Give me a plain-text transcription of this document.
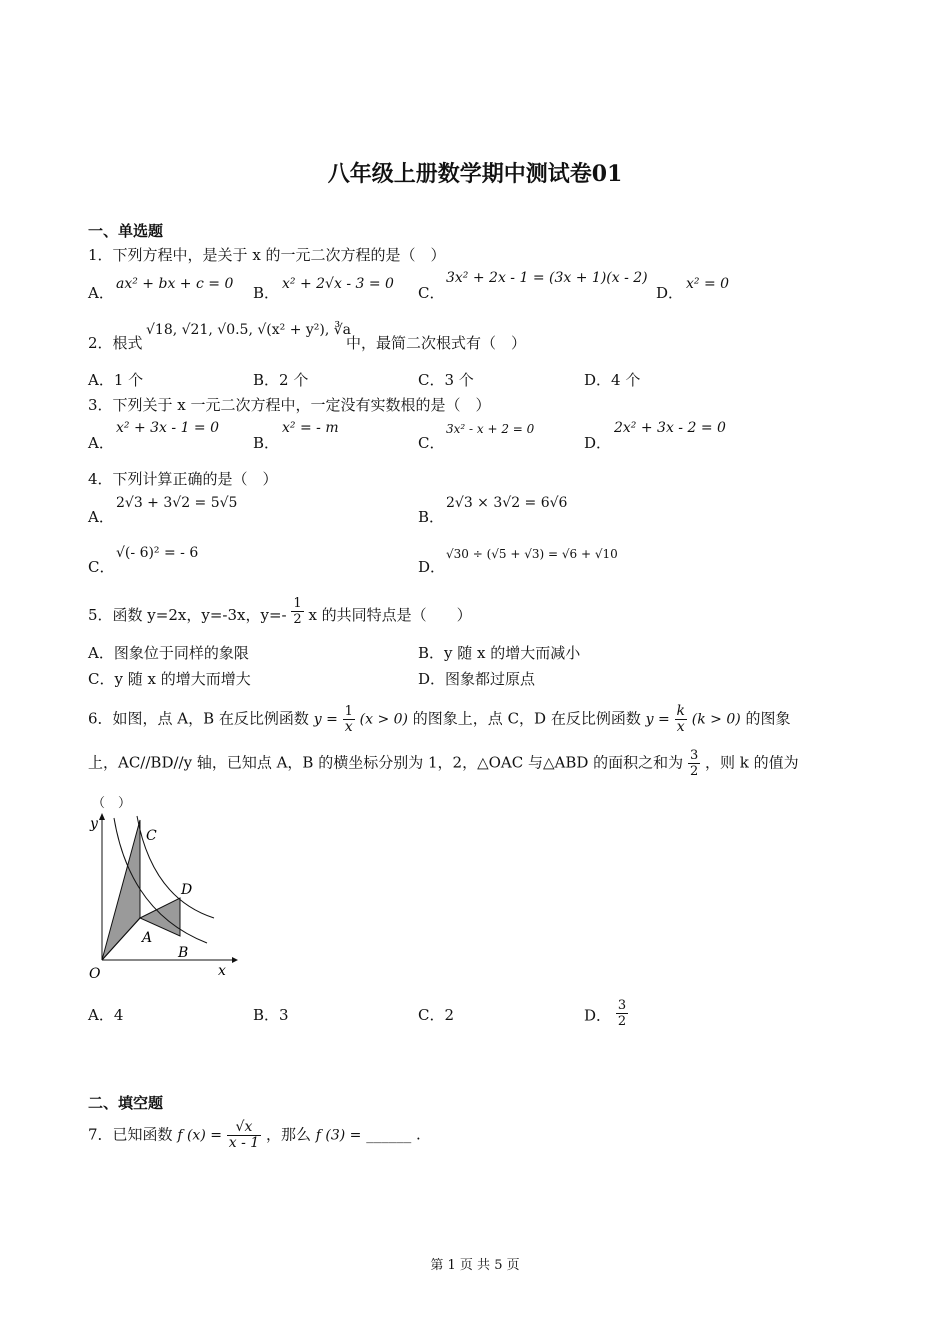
八年级上册数学期中测试卷01
一、单选题
1．下列方程中，是关于 x 的一元二次方程的是（　）
A． ax² + bx + c = 0 B． x² + 2√x - 3 = 0 C．
3x² + 2x - 1 = (3x + 1)(x - 2)
D． x² = 0
2．根式
√18, √21, √0.5, √(x² + y²), ∛a
中，最简二次根式有（　）
A．1 个	B．2 个	C．3 个	D．4 个
3．下列关于 x 一元二次方程中，一定没有实数根的是（　）
A．
x² + 3x - 1 = 0
B．
x² = - m
C．
3x² - x + 2 = 0
D．
2x² + 3x - 2 = 0
4．下列计算正确的是（　）
A．
2√3 + 3√2 = 5√5
B．
2√3 × 3√2 = 6√6
C．
√(- 6)² = - 6
D．
√30 ÷ (√5 + √3) = √6 + √10
5．函数 y=2x，y=-3x，$y=- \frac{1}{2}$ x 的共同特点是（　　）
A．图象位于同样的象限	B．y 随 x 的增大而减小
C．y 随 x 的增大而增大	D．图象都过原点
6．如图，点 A，B 在反比例函数 $y = \frac{1}{x} (x > 0)$ 的图象上，点 C，D 在反比例函数 $y = \frac{k}{x} (k > 0)$ 的图象
上，AC//BD//y 轴，已知点 A，B 的横坐标分别为 1，2，△OAC 与△ABD 的面积之和为 $\frac{3}{2}$ ，则 k 的值为
（　）
y
x
O
A
B
C
D
A．4	B．3	C．2	D． $\frac{3}{2}$
二、填空题
7．已知函数 f $(x) = \frac{√x}{x - 1}$ ，那么 f (3) = ______ .
第 1 页 共 5 页
